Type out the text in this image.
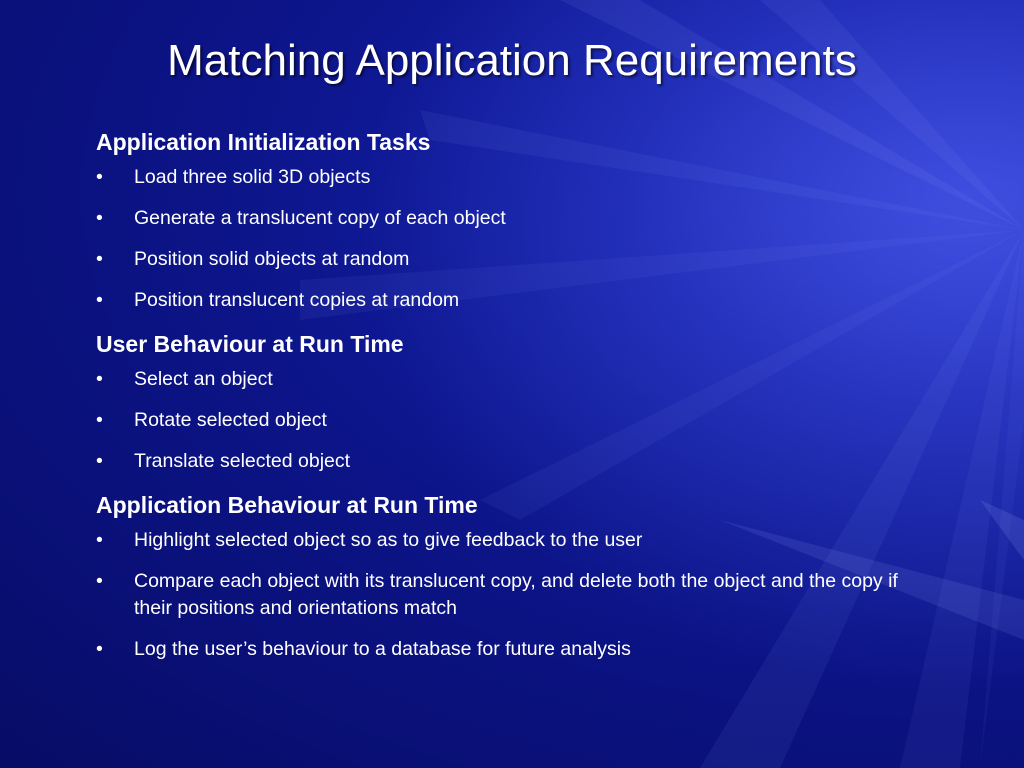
Matching Application Requirements
Application Initialization Tasks
• Load three solid 3D objects
• Generate a translucent copy of each object
• Position solid objects at random
• Position translucent copies at random
User Behaviour at Run Time
• Select an object
• Rotate selected object
• Translate selected object
Application Behaviour at Run Time
• Highlight selected object so as to give feedback to the user
• Compare each object with its translucent copy, and delete both the object and the copy if their positions and orientations match
• Log the user’s behaviour to a database for future analysis
